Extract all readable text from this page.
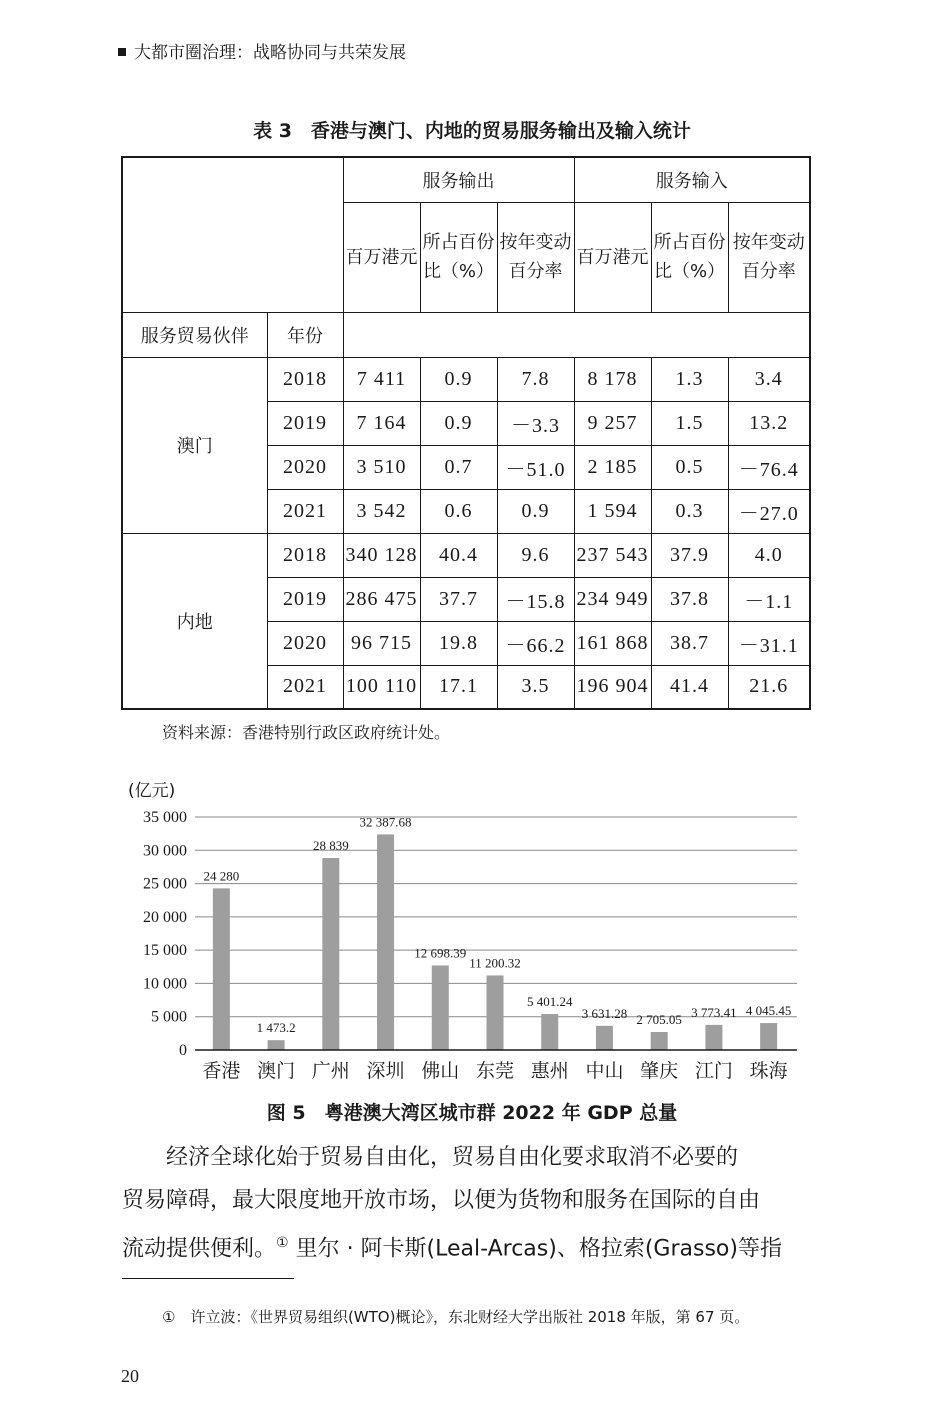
大都市圈治理：战略协同与共荣发展
表 3　香港与澳门、内地的贸易服务输出及输入统计
		服务输出			服务输入		
		百万港元	所占百份比（%）	按年变动百分率	百万港元	所占百份比（%）	按年变动百分率
服务贸易伙伴	年份						
澳门	2018	7 411	0.9	7.8	8 178	1.3	3.4
	2019	7 164	0.9	－3.3	9 257	1.5	13.2
	2020	3 510	0.7	－51.0	2 185	0.5	－76.4
	2021	3 542	0.6	0.9	1 594	0.3	－27.0
内地	2018	340 128	40.4	9.6	237 543	37.9	4.0
	2019	286 475	37.7	－15.8	234 949	37.8	－1.1
	2020	96 715	19.8	－66.2	161 868	38.7	－31.1
	2021	100 110	17.1	3.5	196 904	41.4	21.6
资料来源：香港特别行政区政府统计处。
(亿元)
0
5 000
10 000
15 000
20 000
25 000
30 000
35 000
24 280
1 473.2
28 839
32 387.68
12 698.39
11 200.32
5 401.24
3 631.28 2 705.05 3 773.41 4 045.45
香港 澳门 广州 深圳 佛山 东莞 惠州 中山 肇庆 江门 珠海
图 5　粤港澳大湾区城市群 2022 年 GDP 总量

经济全球化始于贸易自由化，贸易自由化要求取消不必要的

贸易障碍，最大限度地开放市场，以便为货物和服务在国际的自由

流动提供便利。① 里尔 · 阿卡斯(Leal-Arcas)、格拉索(Grasso)等指

①　许立波：《世界贸易组织(WTO)概论》，东北财经大学出版社 2018 年版，第 67 页。
20
